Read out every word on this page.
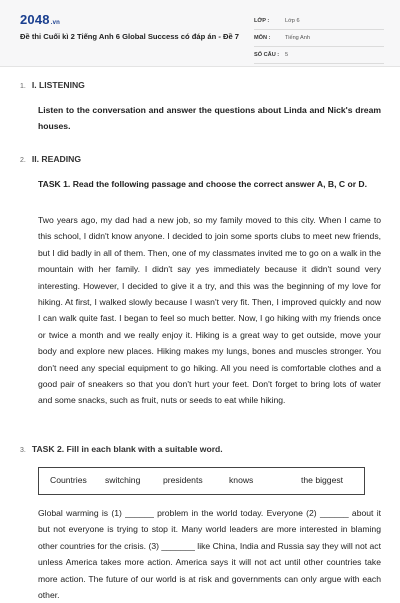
2048.vn
Đề thi Cuối kì 2 Tiếng Anh 6 Global Success có đáp án - Đề 7
LỚP :	Lớp 6
MÔN :	Tiếng Anh
SỐ CÂU : 5
1. I. LISTENING
Listen to the conversation and answer the questions about Linda and Nick's dream houses.
2. II. READING
TASK 1. Read the following passage and choose the correct answer A, B, C or D.
Two years ago, my dad had a new job, so my family moved to this city. When I came to this school, I didn't know anyone. I decided to join some sports clubs to meet new friends, but I did badly in all of them. Then, one of my classmates invited me to go on a walk in the mountain with her family. I didn't say yes immediately because it didn't sound very interesting. However, I decided to give it a try, and this was the beginning of my love for hiking. At first, I walked slowly because I wasn't very fit. Then, I improved quickly and now I can walk quite fast. I began to feel so much better. Now, I go hiking with my friends once or twice a month and we really enjoy it. Hiking is a great way to get outside, move your body and explore new places. Hiking makes my lungs, bones and muscles stronger. You don't need any special equipment to go hiking. All you need is comfortable clothes and a good pair of sneakers so that you don't hurt your feet. Don't forget to bring lots of water and some snacks, such as fruit, nuts or seeds to eat while hiking.
3. TASK 2. Fill in each blank with a suitable word.
Countries switching	presidents	knows	the biggest
Global warming is (1) ______ problem in the world today. Everyone (2) ______ about it but not everyone is trying to stop it. Many world leaders are more interested in blaming other countries for the crisis. (3) _______ like China, India and Russia say they will not act unless America takes more action. America says it will not act until other countries take more action. The future of our world is at risk and governments can only argue with each other.
